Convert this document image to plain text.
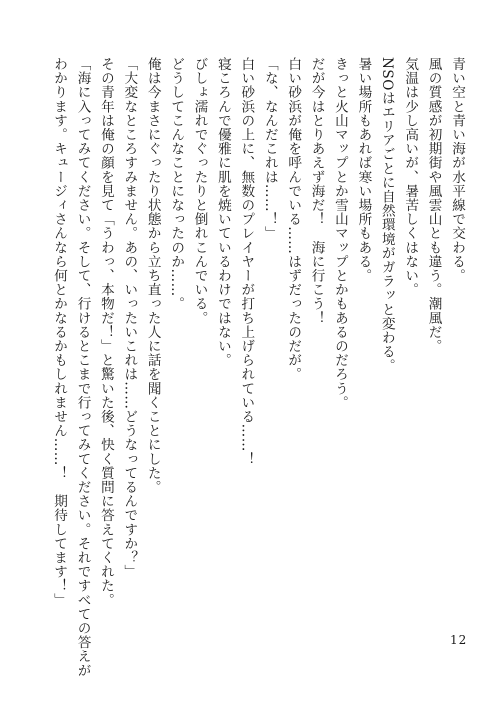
青い空と青い海が水平線で交わる。
風の質感が初期街や風雲山とも違う。潮風だ。
気温は少し高いが、暑苦しくはない。
NSOはエリアごとに自然環境がガラッと変わる。
暑い場所もあれば寒い場所もある。
きっと火山マップとか雪山マップとかもあるのだろう。
だが今はとりあえず海だ！　海に行こう！
白い砂浜が俺を呼んでいる……はずだったのだが。
「な、なんだこれは……！」
白い砂浜の上に、無数のプレイヤーが打ち上げられている……！
寝ころんで優雅に肌を焼いているわけではない。
びしょ濡れでぐったりと倒れこんでいる。
どうしてこんなことになったのか……。
俺は今まさにぐったり状態から立ち直った人に話を聞くことにした。
「大変なところすみません。あの、いったいこれは……どうなってるんですか？」
その青年は俺の顔を見て「うわっ、本物だ！」と驚いた後、快く質問に答えてくれた。
「海に入ってみてください。そして、行けるとこまで行ってみてください。それですべての答えが
わかります。キュージィさんなら何とかなるかもしれません……！　期待してます！」
12
